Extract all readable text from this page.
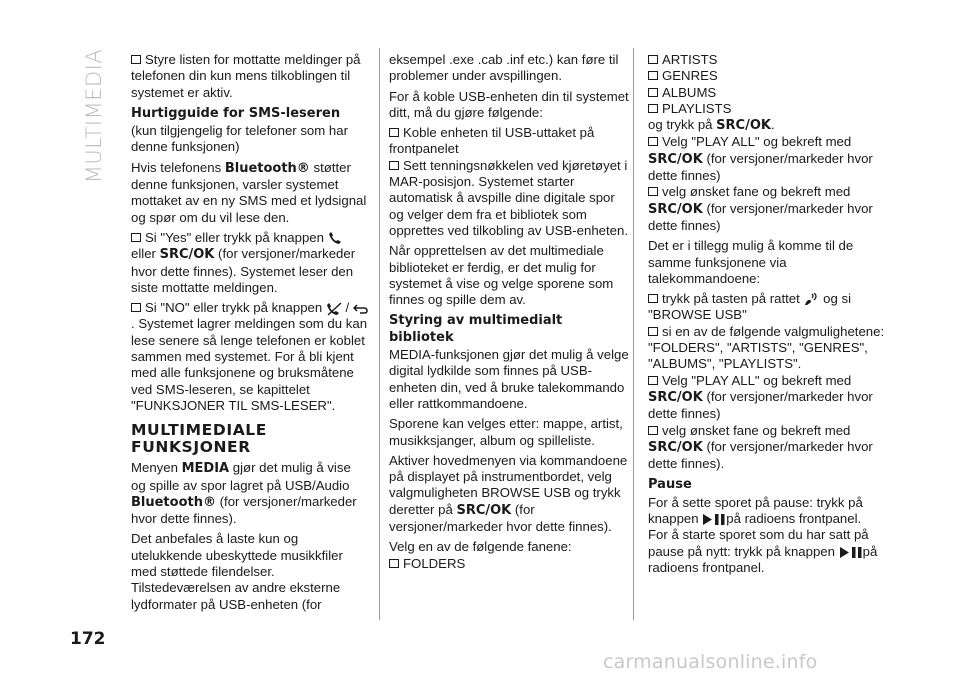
MULTIMEDIA	Styre listen for mottatte meldinger på telefonen din kun mens tilkoblingen til systemet er aktiv.

Hurtigguide for SMS-leseren

(kun tilgjengelig for telefoner som har denne funksjonen)

Hvis telefonens Bluetooth® støtter denne funksjonen, varsler systemet mottaket av en ny SMS med et lydsignal og spør om du vil lese den.

Si "Yes" eller trykk på knappen  eller SRC/OK (for versjoner/markeder hvor dette finnes). Systemet leser den siste mottatte meldingen.

Si "NO" eller trykk på knappen  / . Systemet lagrer meldingen som du kan lese senere så lenge telefonen er koblet sammen med systemet. For å bli kjent med alle funksjonene og bruksmåtene ved SMS-leseren, se kapittelet "FUNKSJONER TIL SMS-LESER".

MULTIMEDIALE FUNKSJONER

Menyen MEDIA gjør det mulig å vise og spille av spor lagret på USB/Audio Bluetooth® (for versjoner/markeder hvor dette finnes).

Det anbefales å laste kun og utelukkende ubeskyttede musikkfiler med støttede filendelser. Tilstedeværelsen av andre eksterne lydformater på USB-enheten (for

eksempel .exe .cab .inf etc.) kan føre til problemer under avspillingen.

For å koble USB-enheten din til systemet ditt, må du gjøre følgende:

Koble enheten til USB-uttaket på frontpanelet

Sett tenningsnøkkelen ved kjøretøyet i MAR-posisjon. Systemet starter automatisk å avspille dine digitale spor og velger dem fra et bibliotek som opprettes ved tilkobling av USB-enheten.

Når opprettelsen av det multimediale biblioteket er ferdig, er det mulig for systemet å vise og velge sporene som finnes og spille dem av.

Styring av multimedialt bibliotek

MEDIA-funksjonen gjør det mulig å velge digital lydkilde som finnes på USB-enheten din, ved å bruke talekommando eller rattkommandoene.

Sporene kan velges etter: mappe, artist, musikksjanger, album og spilleliste.

Aktiver hovedmenyen via kommandoene på displayet på instrumentbordet, velg valgmuligheten BROWSE USB og trykk deretter på SRC/OK (for versjoner/markeder hvor dette finnes).

Velg en av de følgende fanene:

FOLDERS

ARTISTS

GENRES

ALBUMS

PLAYLISTS

og trykk på SRC/OK.

Velg "PLAY ALL" og bekreft med SRC/OK (for versjoner/markeder hvor dette finnes)

velg ønsket fane og bekreft med SRC/OK (for versjoner/markeder hvor dette finnes)

Det er i tillegg mulig å komme til de samme funksjonene via talekommandoene:

trykk på tasten på rattet  og si "BROWSE USB"

si en av de følgende valgmulighetene: "FOLDERS", "ARTISTS", "GENRES", "ALBUMS", "PLAYLISTS".

Velg "PLAY ALL" og bekreft med SRC/OK (for versjoner/markeder hvor dette finnes)

velg ønsket fane og bekreft med SRC/OK (for versjoner/markeder hvor dette finnes).

Pause

For å sette sporet på pause: trykk på knappen på radioens frontpanel.

For å starte sporet som du har satt på pause på nytt: trykk på knappen på radioens frontpanel.

172
carmanualsonline.info
